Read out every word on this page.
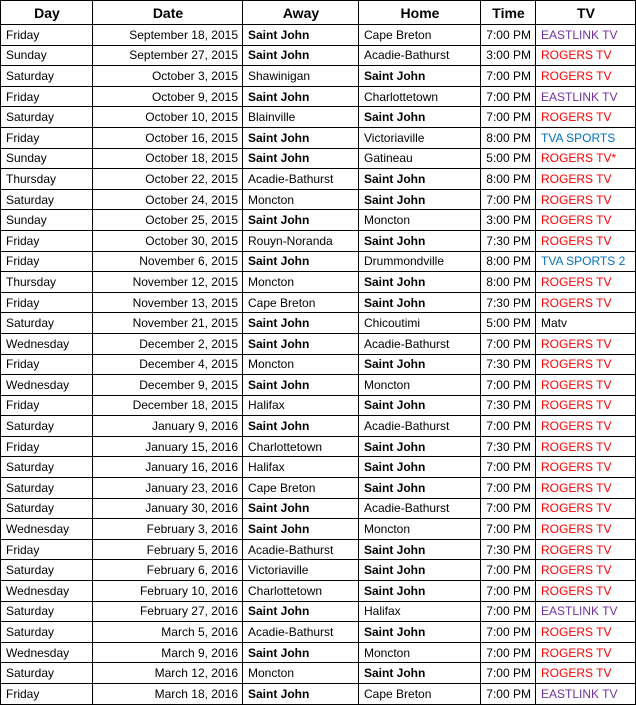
Day	Date	Away	Home	Time	TV
Friday	September 18, 2015	Saint John	Cape Breton	7:00 PM	EASTLINK TV
Sunday	September 27, 2015	Saint John	Acadie-Bathurst	3:00 PM	ROGERS TV
Saturday	October 3, 2015	Shawinigan	Saint John	7:00 PM	ROGERS TV
Friday	October 9, 2015	Saint John	Charlottetown	7:00 PM	EASTLINK TV
Saturday	October 10, 2015	Blainville	Saint John	7:00 PM	ROGERS TV
Friday	October 16, 2015	Saint John	Victoriaville	8:00 PM	TVA SPORTS
Sunday	October 18, 2015	Saint John	Gatineau	5:00 PM	ROGERS TV*
Thursday	October 22, 2015	Acadie-Bathurst	Saint John	8:00 PM	ROGERS TV
Saturday	October 24, 2015	Moncton	Saint John	7:00 PM	ROGERS TV
Sunday	October 25, 2015	Saint John	Moncton	3:00 PM	ROGERS TV
Friday	October 30, 2015	Rouyn-Noranda	Saint John	7:30 PM	ROGERS TV
Friday	November 6, 2015	Saint John	Drummondville	8:00 PM	TVA SPORTS 2
Thursday	November 12, 2015	Moncton	Saint John	8:00 PM	ROGERS TV
Friday	November 13, 2015	Cape Breton	Saint John	7:30 PM	ROGERS TV
Saturday	November 21, 2015	Saint John	Chicoutimi	5:00 PM	Matv
Wednesday	December 2, 2015	Saint John	Acadie-Bathurst	7:00 PM	ROGERS TV
Friday	December 4, 2015	Moncton	Saint John	7:30 PM	ROGERS TV
Wednesday	December 9, 2015	Saint John	Moncton	7:00 PM	ROGERS TV
Friday	December 18, 2015	Halifax	Saint John	7:30 PM	ROGERS TV
Saturday	January 9, 2016	Saint John	Acadie-Bathurst	7:00 PM	ROGERS TV
Friday	January 15, 2016	Charlottetown	Saint John	7:30 PM	ROGERS TV
Saturday	January 16, 2016	Halifax	Saint John	7:00 PM	ROGERS TV
Saturday	January 23, 2016	Cape Breton	Saint John	7:00 PM	ROGERS TV
Saturday	January 30, 2016	Saint John	Acadie-Bathurst	7:00 PM	ROGERS TV
Wednesday	February 3, 2016	Saint John	Moncton	7:00 PM	ROGERS TV
Friday	February 5, 2016	Acadie-Bathurst	Saint John	7:30 PM	ROGERS TV
Saturday	February 6, 2016	Victoriaville	Saint John	7:00 PM	ROGERS TV
Wednesday	February 10, 2016	Charlottetown	Saint John	7:00 PM	ROGERS TV
Saturday	February 27, 2016	Saint John	Halifax	7:00 PM	EASTLINK TV
Saturday	March 5, 2016	Acadie-Bathurst	Saint John	7:00 PM	ROGERS TV
Wednesday	March 9, 2016	Saint John	Moncton	7:00 PM	ROGERS TV
Saturday	March 12, 2016	Moncton	Saint John	7:00 PM	ROGERS TV
Friday	March 18, 2016	Saint John	Cape Breton	7:00 PM	EASTLINK TV
